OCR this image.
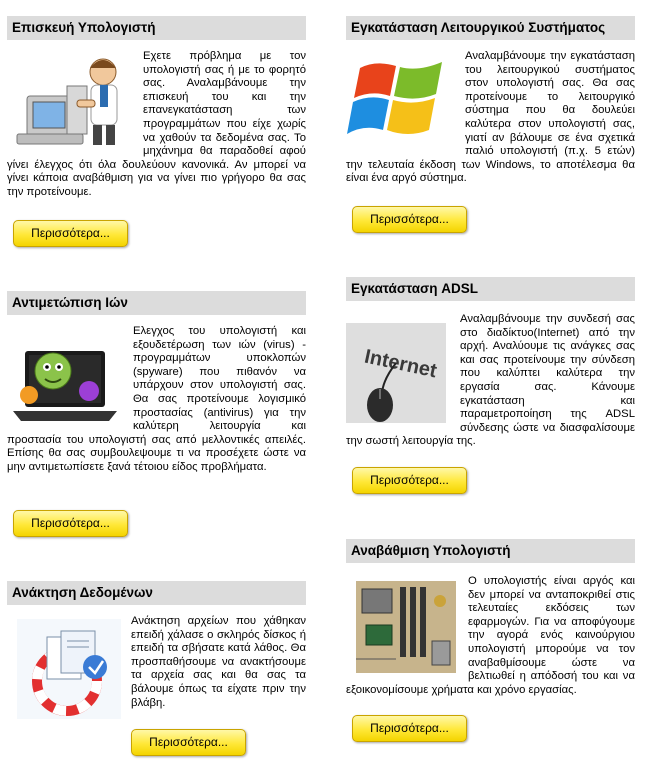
Επισκευή Υπολογιστή
Εχετε πρόβλημα με τον υπολογιστή σας ή με το φορητό σας. Αναλαμβάνουμε την επισκευή του και την επανεγκατάσταση των προγραμμάτων που είχε χωρίς να χαθούν τα δεδομένα σας. Το μηχάνημα θα παραδοθεί αφού γίνει έλεγχος ότι όλα δουλεύουν κανονικά. Αν μπορεί να γίνει κάποια αναβάθμιση για να γίνει πιο γρήγορο θα σας την προτείνουμε.
Περισσότερα...
Εγκατάσταση Λειτουργικού Συστήματος
Αναλαμβάνουμε την εγκατάσταση του λειτουργικού συστήματος στον υπολογιστή σας. Θα σας προτείνουμε το λειτουργικό σύστημα που θα δουλεύει καλύτερα στον υπολογιστή σας, γιατί αν βάλουμε σε ένα σχετικά παλιό υπολογιστή (π.χ. 5 ετών) την τελευταία έκδοση των Windows, το αποτέλεσμα θα είναι ένα αργό σύστημα.
Περισσότερα...
Αντιμετώπιση Ιών
Ελεγχος του υπολογιστή και εξουδετέρωση των ιών (virus) - προγραμμάτων υποκλοπών (spyware) που πιθανόν να υπάρχουν στον υπολογιστή σας. Θα σας προτείνουμε λογισμικό προστασίας (antivirus) για την καλύτερη λειτουργία και προστασία του υπολογιστή σας από μελλοντικές απειλές. Επίσης θα σας συμβουλεψουμε τι να προσέχετε ώστε να μην αντιμετωπίσετε ξανά τέτοιου είδος προβλήματα.
Περισσότερα...
Εγκατάσταση ADSL
Internet
Αναλαμβάνουμε την συνδεσή σας στο διαδίκτυο(Internet) από την αρχή. Αναλύουμε τις ανάγκες σας και σας προτείνουμε την σύνδεση που καλύπτει καλύτερα την εργασία σας. Κάνουμε εγκατάσταση και παραμετροποίηση της ADSL σύνδεσης ώστε να διασφαλίσουμε την σωστή λειτουργία της.
Περισσότερα...
Ανάκτηση Δεδομένων
Ανάκτηση αρχείων που χάθηκαν επειδή χάλασε ο σκληρός δίσκος ή επειδή τα σβήσατε κατά λάθος. Θα προσπαθήσουμε να ανακτήσουμε τα αρχεία σας και θα σας τα βάλουμε όπως τα είχατε πριν την βλάβη.
Περισσότερα...
Αναβάθμιση Υπολογιστή
Ο υπολογιστής είναι αργός και δεν μπορεί να ανταποκριθεί στις τελευταίες εκδόσεις των εφαρμογών. Για να αποφύγουμε την αγορά ενός καινούργιου υπολογιστή μπορούμε να τον αναβαθμίσουμε ώστε να βελτιωθεί η απόδοσή του και να εξοικονομίσουμε χρήματα και χρόνο εργασίας.
Περισσότερα...
